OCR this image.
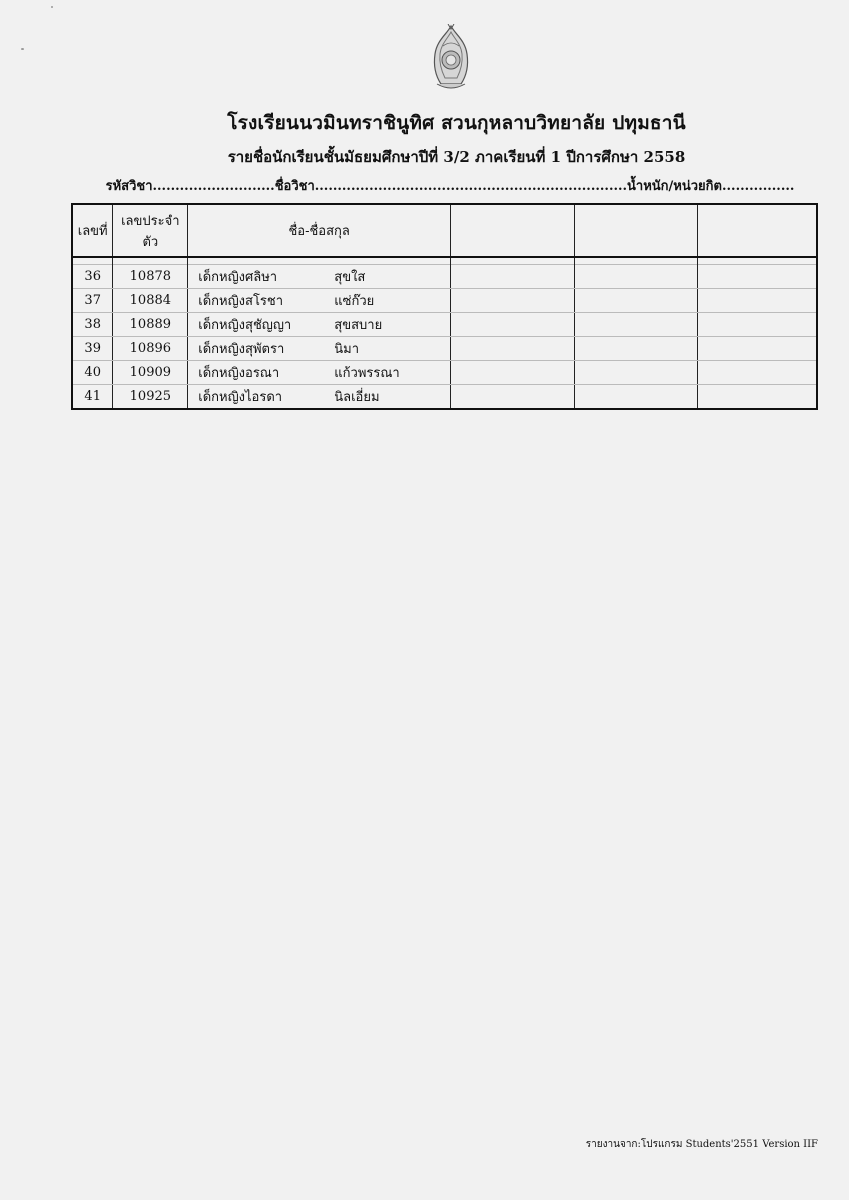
โรงเรียนนวมินทราชินูทิศ สวนกุหลาบวิทยาลัย ปทุมธานี
รายชื่อนักเรียนชั้นมัธยมศึกษาปีที่ 3/2 ภาคเรียนที่ 1 ปีการศึกษา 2558
รหัสวิชา...........................ชื่อวิชา.....................................................................น้ำหนัก/หน่วยกิต................
เลขที่	เลขประจำตัว	ชื่อ-ชื่อสกุล			

36	10878	เด็กหญิงศลิษา สุขใส			
37	10884	เด็กหญิงสโรชา แซ่ก๊วย			
38	10889	เด็กหญิงสุชัญญา สุขสบาย			
39	10896	เด็กหญิงสุพัตรา นิมา			
40	10909	เด็กหญิงอรณา แก้วพรรณา			
41	10925	เด็กหญิงไอรดา นิลเอี่ยม			
รายงานจาก:โปรแกรม Students'2551 Version IIF
